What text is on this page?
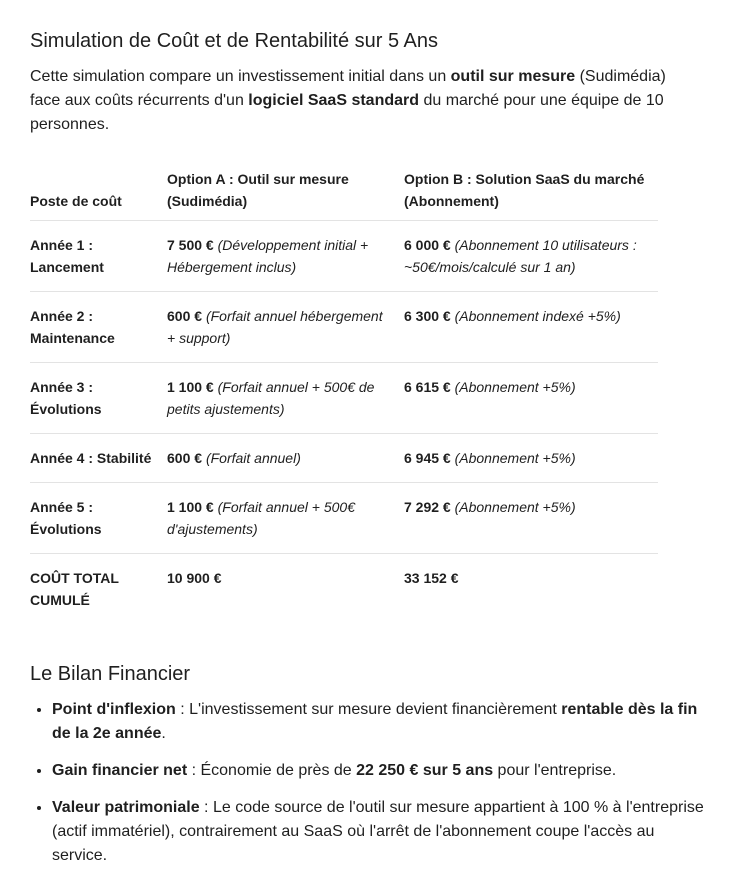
Simulation de Coût et de Rentabilité sur 5 Ans

Cette simulation compare un investissement initial dans un outil sur mesure (Sudimédia) face aux coûts récurrents d'un logiciel SaaS standard du marché pour une équipe de 10 personnes.

Poste de coût	Option A : Outil sur mesure (Sudimédia)	Option B : Solution SaaS du marché (Abonnement)
Année 1 : Lancement	7 500 € (Développement initial + Hébergement inclus)	6 000 € (Abonnement 10 utilisateurs : ~50€/mois/calculé sur 1 an)
Année 2 : Maintenance	600 € (Forfait annuel hébergement + support)	6 300 € (Abonnement indexé +5%)
Année 3 : Évolutions	1 100 € (Forfait annuel + 500€ de petits ajustements)	6 615 € (Abonnement +5%)
Année 4 : Stabilité	600 € (Forfait annuel)	6 945 € (Abonnement +5%)
Année 5 : Évolutions	1 100 € (Forfait annuel + 500€ d'ajustements)	7 292 € (Abonnement +5%)
COÛT TOTAL CUMULÉ	10 900 €	33 152 €
Le Bilan Financier
• Point d'inflexion : L'investissement sur mesure devient financièrement rentable dès la fin de la 2e année.
• Gain financier net : Économie de près de 22 250 € sur 5 ans pour l'entreprise.
• Valeur patrimoniale : Le code source de l'outil sur mesure appartient à 100 % à l'entreprise (actif immatériel), contrairement au SaaS où l'arrêt de l'abonnement coupe l'accès au service.
